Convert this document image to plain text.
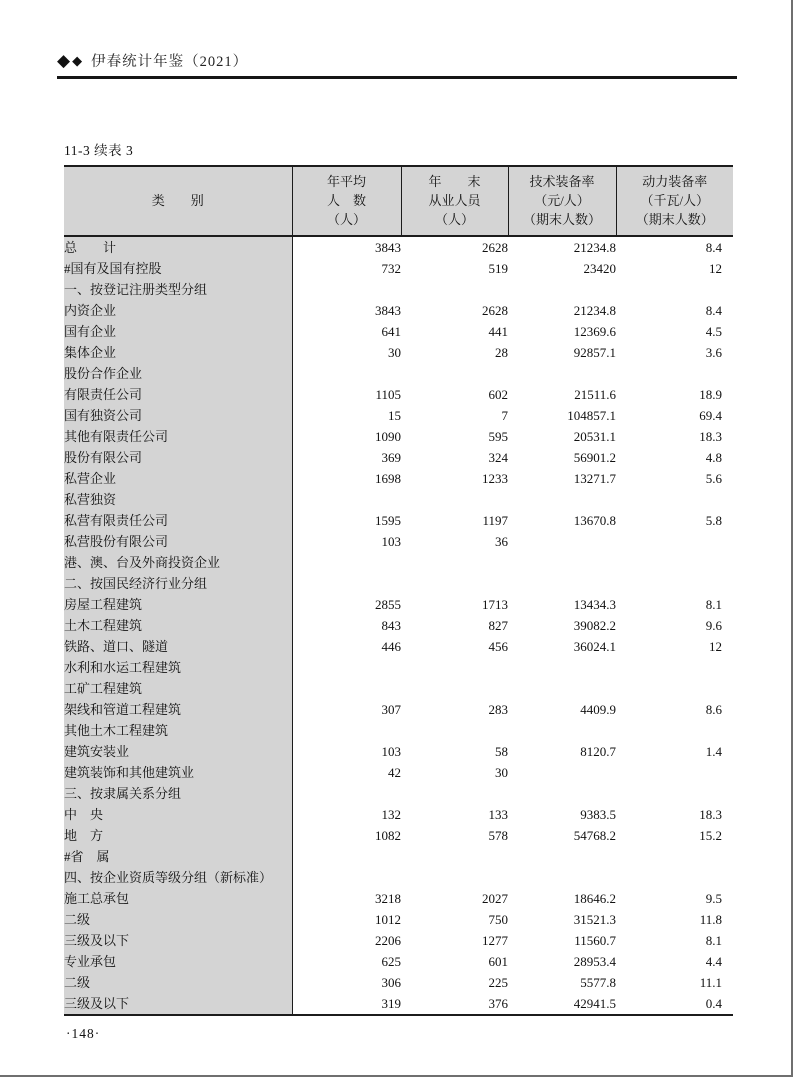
◆ ◆ 伊春统计年鉴（2021）
11-3 续表 3
类　　别

年平均
人　数
（人）

年　　末
从业人员
（人）

技术装备率
（元/人）
（期末人数）

动力装备率
（千瓦/人）
（期末人数）

总　　计	3843	2628	21234.8	8.4
#国有及国有控股	732	519	23420	12
一、按登记注册类型分组				
内资企业	3843	2628	21234.8	8.4
国有企业	641	441	12369.6	4.5
集体企业	30	28	92857.1	3.6
股份合作企业				
有限责任公司	1105	602	21511.6	18.9
国有独资公司	15	7	104857.1	69.4
其他有限责任公司	1090	595	20531.1	18.3
股份有限公司	369	324	56901.2	4.8
私营企业	1698	1233	13271.7	5.6
私营独资				
私营有限责任公司	1595	1197	13670.8	5.8
私营股份有限公司	103	36		
港、澳、台及外商投资企业				
二、按国民经济行业分组				
房屋工程建筑	2855	1713	13434.3	8.1
土木工程建筑	843	827	39082.2	9.6
铁路、道口、隧道	446	456	36024.1	12
水利和水运工程建筑				
工矿工程建筑				
架线和管道工程建筑	307	283	4409.9	8.6
其他土木工程建筑				
建筑安装业	103	58	8120.7	1.4
建筑装饰和其他建筑业	42	30		
三、按隶属关系分组				
中　央	132	133	9383.5	18.3
地　方	1082	578	54768.2	15.2
#省　属				
四、按企业资质等级分组（新标准）				
施工总承包	3218	2027	18646.2	9.5
二级	1012	750	31521.3	11.8
三级及以下	2206	1277	11560.7	8.1
专业承包	625	601	28953.4	4.4
二级	306	225	5577.8	11.1
三级及以下	319	376	42941.5	0.4
·148·
